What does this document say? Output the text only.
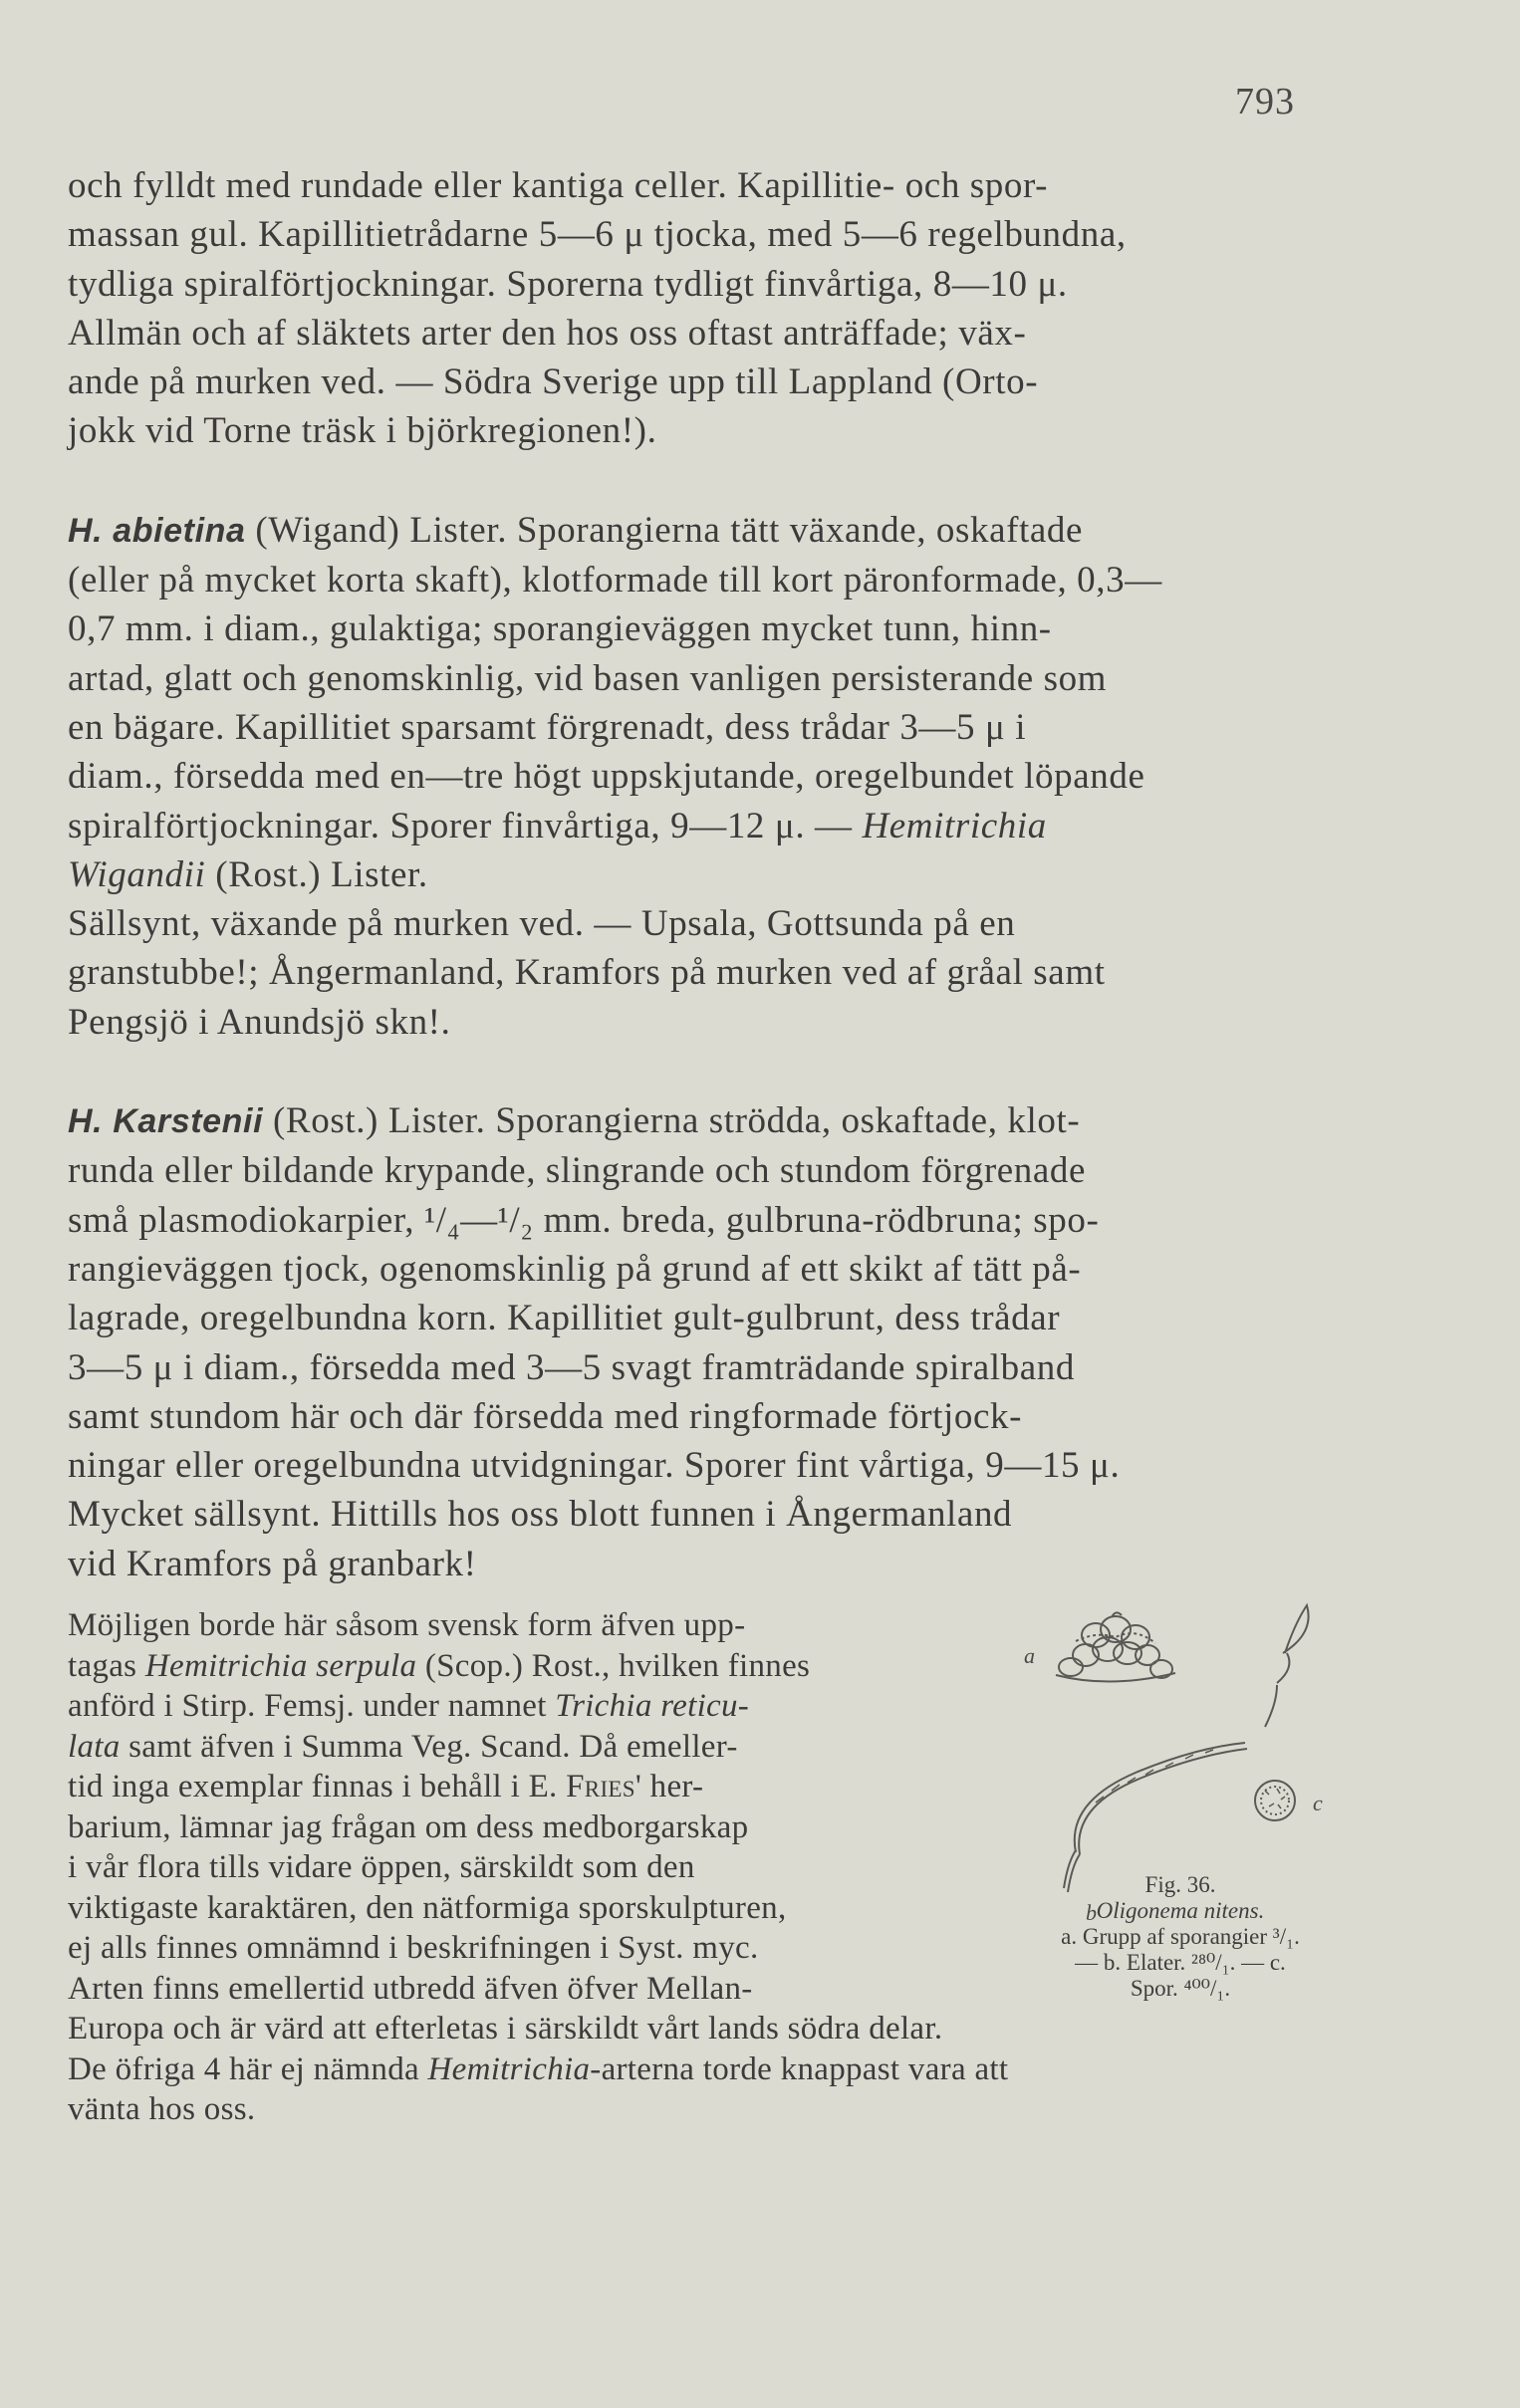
793

och fylldt med rundade eller kantiga celler. Kapillitie- och spor-

massan gul. Kapillitietrådarne 5—6 μ tjocka, med 5—6 regelbundna,

tydliga spiralförtjockningar. Sporerna tydligt finvårtiga, 8—10 μ.

Allmän och af släktets arter den hos oss oftast anträffade; väx-

ande på murken ved. — Södra Sverige upp till Lappland (Orto-

jokk vid Torne träsk i björkregionen!).

H. abietina (Wigand) Lister. Sporangierna tätt växande, oskaftade

(eller på mycket korta skaft), klotformade till kort päronformade, 0,3—

0,7 mm. i diam., gulaktiga; sporangieväggen mycket tunn, hinn-

artad, glatt och genomskinlig, vid basen vanligen persisterande som

en bägare. Kapillitiet sparsamt förgrenadt, dess trådar 3—5 μ i

diam., försedda med en—tre högt uppskjutande, oregelbundet löpande

spiralförtjockningar. Sporer finvårtiga, 9—12 μ. — Hemitrichia

Wigandii (Rost.) Lister.

Sällsynt, växande på murken ved. — Upsala, Gottsunda på en

granstubbe!; Ångermanland, Kramfors på murken ved af gråal samt

Pengsjö i Anundsjö skn!.

H. Karstenii (Rost.) Lister. Sporangierna strödda, oskaftade, klot-

runda eller bildande krypande, slingrande och stundom förgrenade

små plasmodiokarpier, ¹/₄—¹/₂ mm. breda, gulbruna-rödbruna; spo-

rangieväggen tjock, ogenomskinlig på grund af ett skikt af tätt på-

lagrade, oregelbundna korn. Kapillitiet gult-gulbrunt, dess trådar

3—5 μ i diam., försedda med 3—5 svagt framträdande spiralband

samt stundom här och där försedda med ringformade förtjock-

ningar eller oregelbundna utvidgningar. Sporer fint vårtiga, 9—15 μ.

Mycket sällsynt. Hittills hos oss blott funnen i Ångermanland

vid Kramfors på granbark!

Möjligen borde här såsom svensk form äfven upp-

tagas Hemitrichia serpula (Scop.) Rost., hvilken finnes

anförd i Stirp. Femsj. under namnet Trichia reticu-

lata samt äfven i Summa Veg. Scand. Då emeller-

tid inga exemplar finnas i behåll i E. Fries' her-

barium, lämnar jag frågan om dess medborgarskap

i vår flora tills vidare öppen, särskildt som den

viktigaste karaktären, den nätformiga sporskulpturen,

ej alls finnes omnämnd i beskrifningen i Syst. myc.

Arten finns emellertid utbredd äfven öfver Mellan-

Europa och är värd att efterletas i särskildt vårt lands södra delar.

De öfriga 4 här ej nämnda Hemitrichia-arterna torde knappast vara att

vänta hos oss.

a
b
c
Fig. 36.
Oligonema nitens.
a. Grupp af sporangier ³/₁.
— b. Elater. ²⁸⁰/₁. — c.
Spor. ⁴⁰⁰/₁.
